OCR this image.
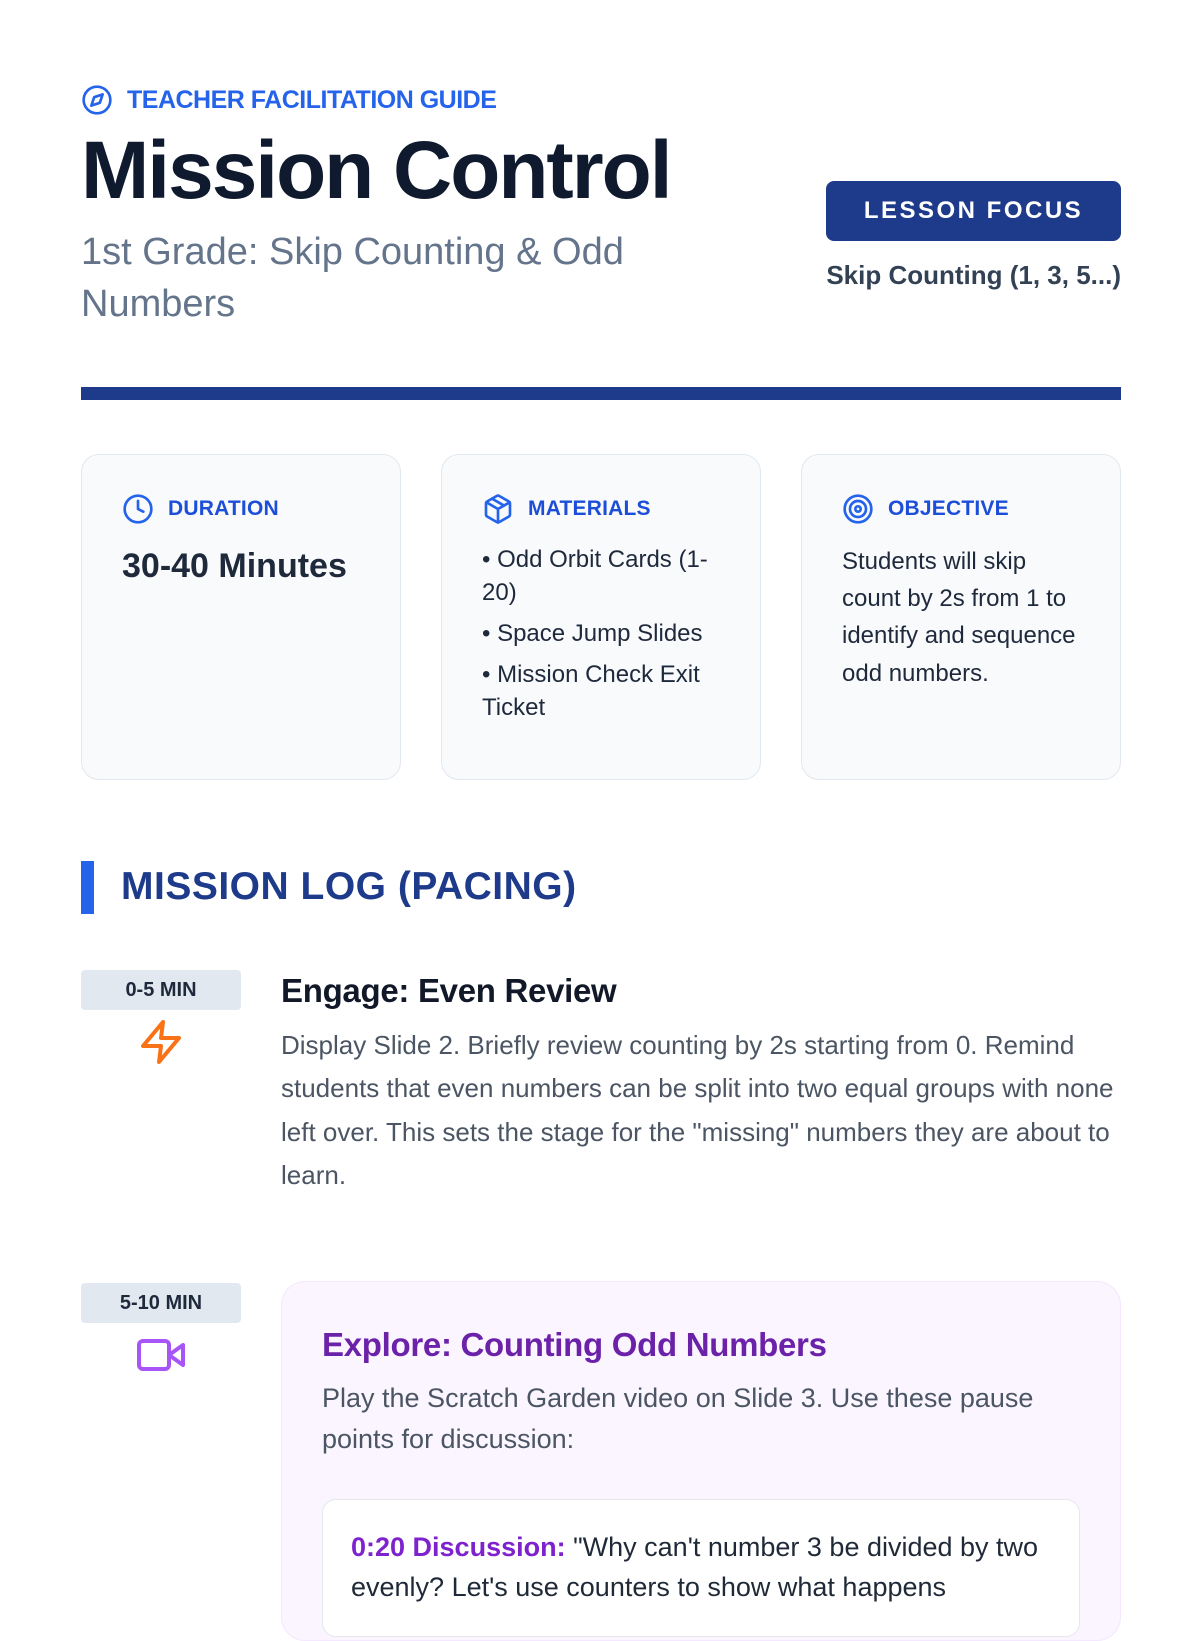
TEACHER FACILITATION GUIDE
Mission Control

1st Grade: Skip Counting & Odd Numbers

LESSON FOCUS
Skip Counting (1, 3, 5...)
DURATION
30-40 Minutes
MATERIALS
• Odd Orbit Cards (1-20)
• Space Jump Slides
• Mission Check Exit Ticket
OBJECTIVE
Students will skip count by 2s from 1 to identify and sequence odd numbers.
MISSION LOG (PACING)
0-5 MIN	Engage: Even Review

Display Slide 2. Briefly review counting by 2s starting from 0. Remind students that even numbers can be split into two equal groups with none left over. This sets the stage for the "missing" numbers they are about to learn.

5-10 MIN
Explore: Counting Odd Numbers

Play the Scratch Garden video on Slide 3. Use these pause points for discussion:

0:20 Discussion: "Why can't number 3 be divided by two evenly? Let's use counters to show what happens
